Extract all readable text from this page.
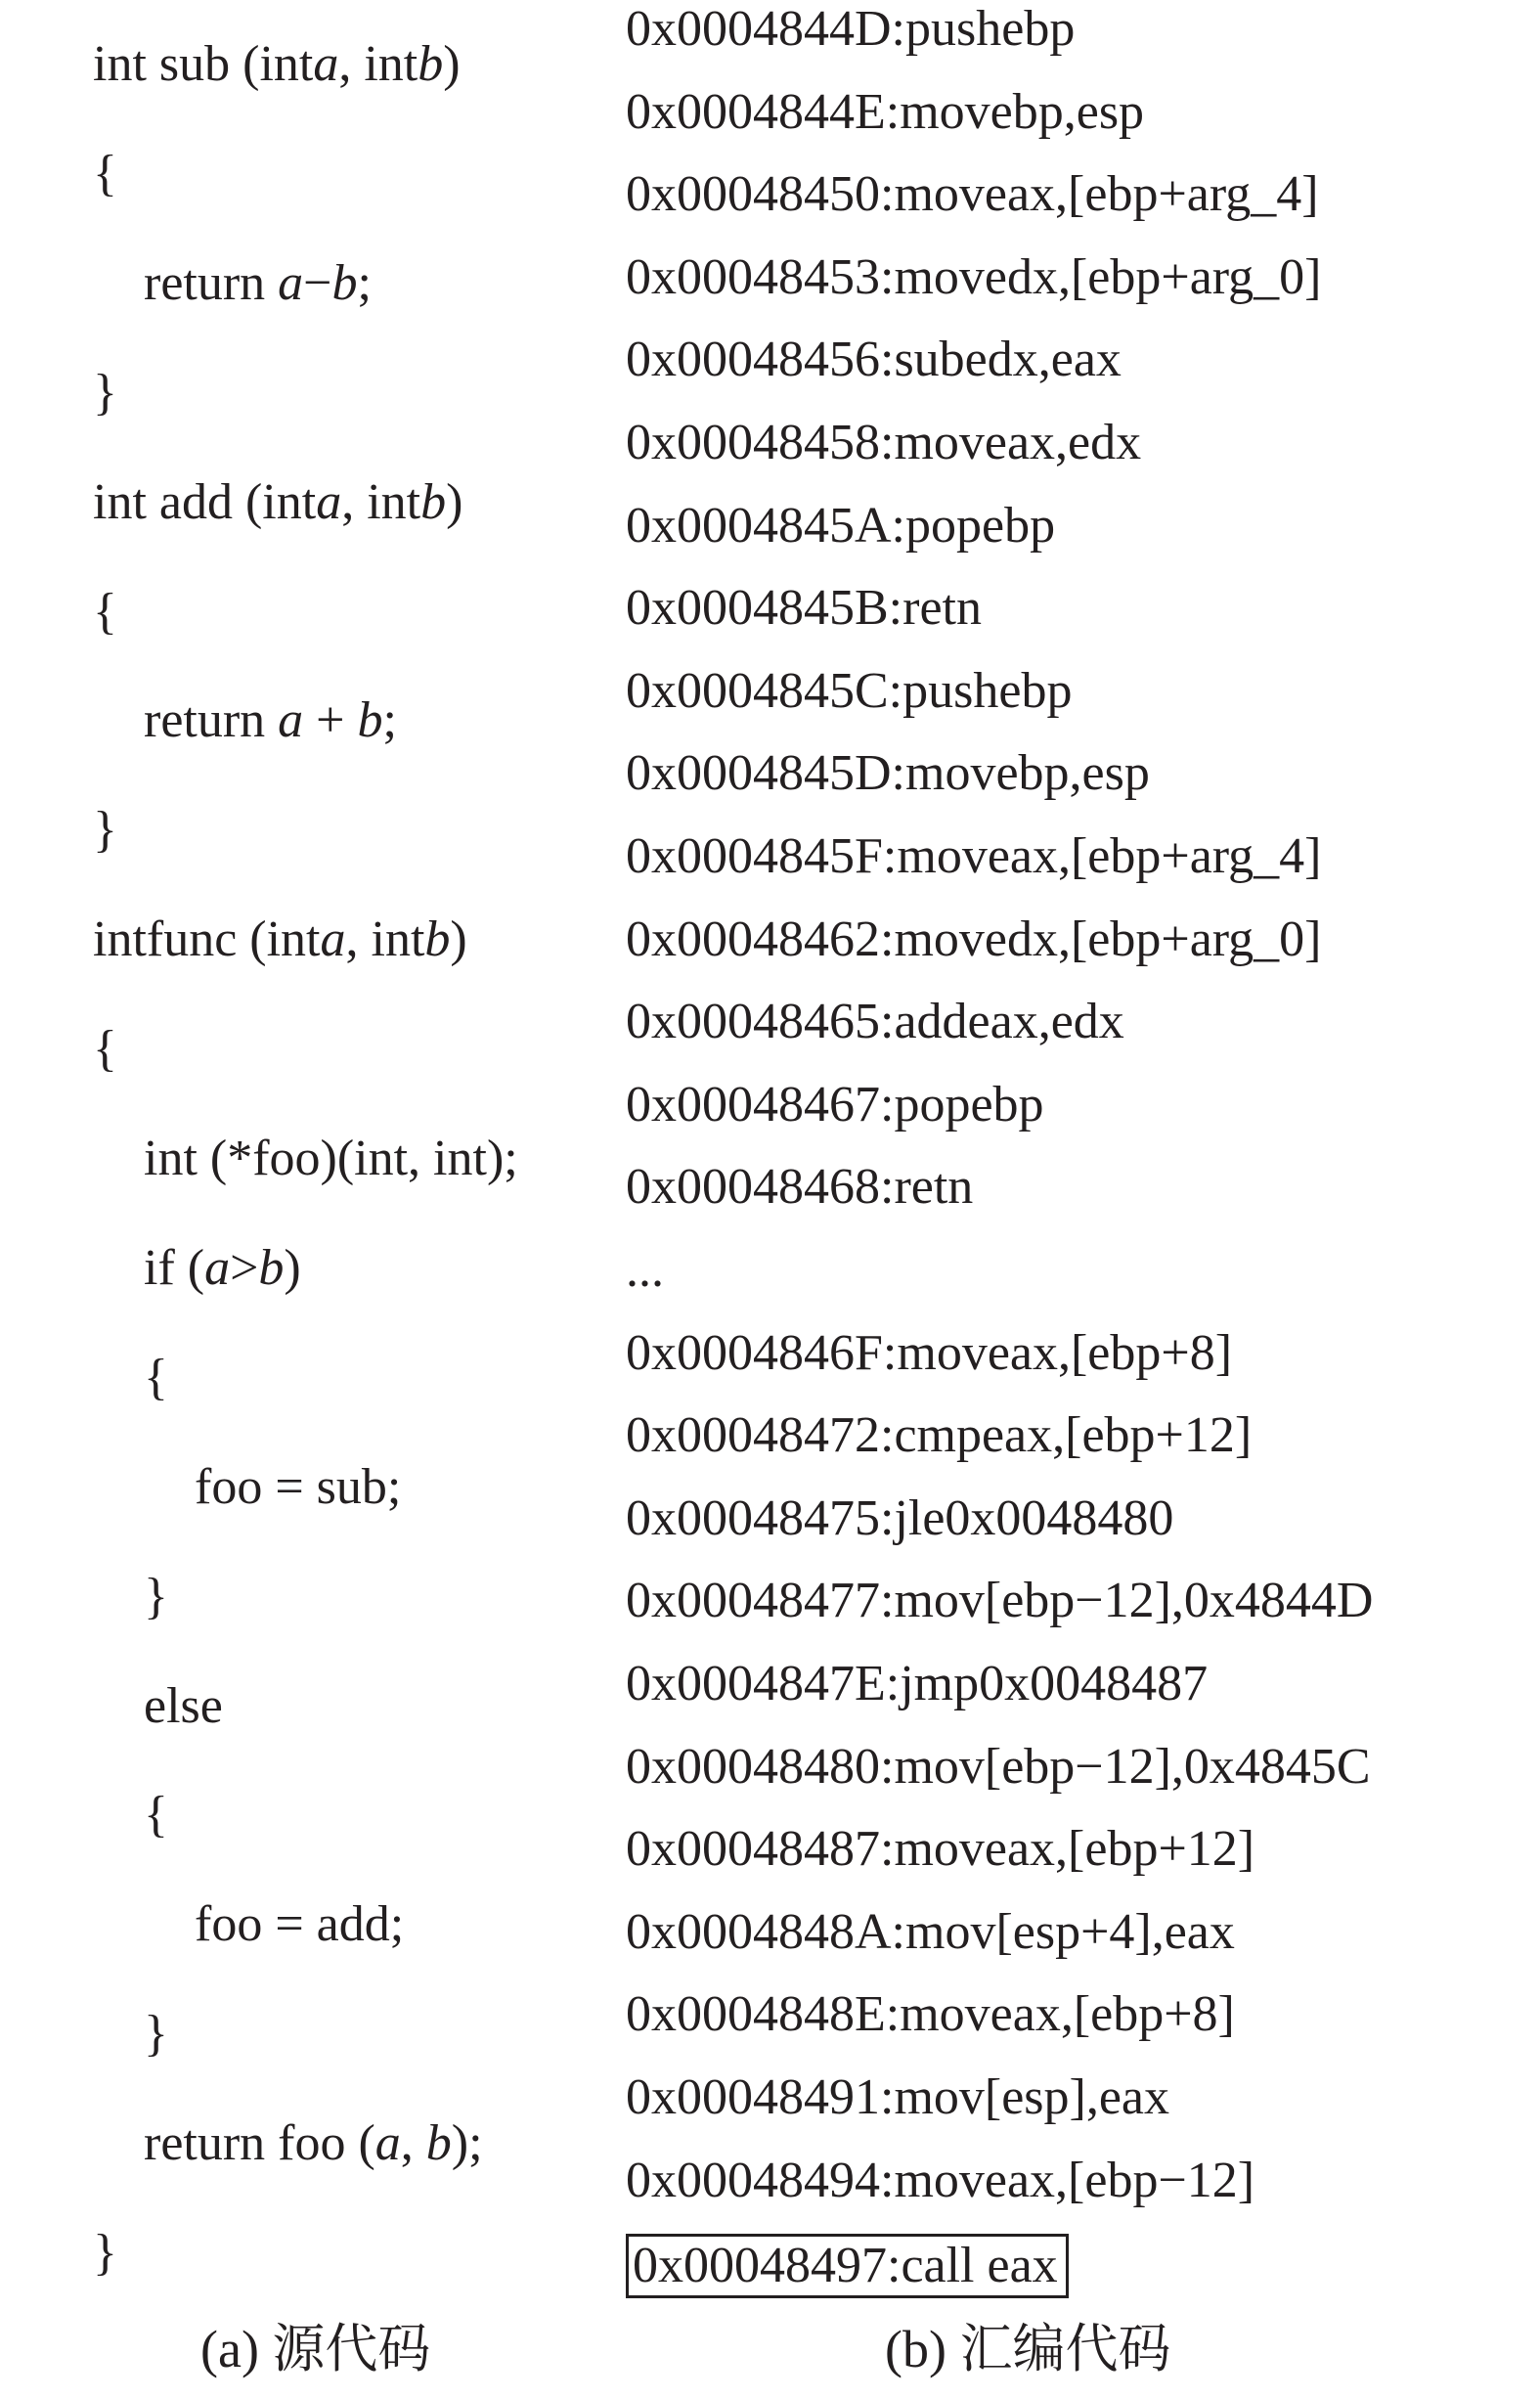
int sub (inta, intb)
{
return a−b;
}
int add (inta, intb)
{
return a + b;
}
intfunc (inta, intb)
{
int (*foo)(int, int);
if (a>b)
{
foo = sub;
}
else
{
foo = add;
}
return foo (a, b);
}
0x0004844D:pushebp
0x0004844E:movebp,esp
0x00048450:moveax,[ebp+arg_4]
0x00048453:movedx,[ebp+arg_0]
0x00048456:subedx,eax
0x00048458:moveax,edx
0x0004845A:popebp
0x0004845B:retn
0x0004845C:pushebp
0x0004845D:movebp,esp
0x0004845F:moveax,[ebp+arg_4]
0x00048462:movedx,[ebp+arg_0]
0x00048465:addeax,edx
0x00048467:popebp
0x00048468:retn
...
0x0004846F:moveax,[ebp+8]
0x00048472:cmpeax,[ebp+12]
0x00048475:jle0x0048480
0x00048477:mov[ebp−12],0x4844D
0x0004847E:jmp0x0048487
0x00048480:mov[ebp−12],0x4845C
0x00048487:moveax,[ebp+12]
0x0004848A:mov[esp+4],eax
0x0004848E:moveax,[ebp+8]
0x00048491:mov[esp],eax
0x00048494:moveax,[ebp−12]
0x00048497:call eax
(a) 源代码	(b) 汇编代码
